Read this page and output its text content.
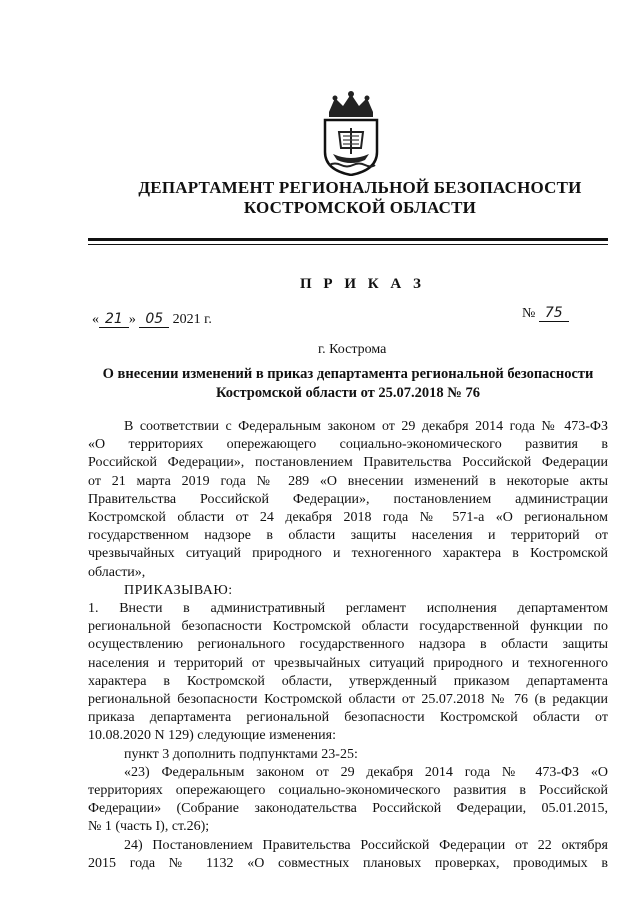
ДЕПАРТАМЕНТ РЕГИОНАЛЬНОЙ БЕЗОПАСНОСТИ
КОСТРОМСКОЙ ОБЛАСТИ
П Р И К А З
« 21 » 05 2021 г.	№ 75
г. Кострома
О внесении изменений в приказ департамента региональной безопасности
Костромской области от 25.07.2018 № 76

В соответствии с Федеральным законом от 29 декабря 2014 года № 473-ФЗ

«О территориях опережающего социально-экономического развития в

Российской Федерации», постановлением Правительства Российской Федерации

от 21 марта 2019 года № 289 «О внесении изменений в некоторые акты

Правительства Российской Федерации», постановлением администрации

Костромской области от 24 декабря 2018 года № 571-а «О региональном

государственном надзоре в области защиты населения и территорий от

чрезвычайных ситуаций природного и техногенного характера в Костромской

области»,

ПРИКАЗЫВАЮ:

1. Внести в административный регламент исполнения департаментом

региональной безопасности Костромской области государственной функции по

осуществлению регионального государственного надзора в области защиты

населения и территорий от чрезвычайных ситуаций природного и техногенного

характера в Костромской области, утвержденный приказом департамента

региональной безопасности Костромской области от 25.07.2018 № 76 (в редакции

приказа департамента региональной безопасности Костромской области от

10.08.2020 N 129) следующие изменения:

пункт 3 дополнить подпунктами 23-25:

«23) Федеральным законом от 29 декабря 2014 года № 473-ФЗ «О

территориях опережающего социально-экономического развития в Российской

Федерации» (Собрание законодательства Российской Федерации, 05.01.2015,

№ 1 (часть I), ст.26);

24) Постановлением Правительства Российской Федерации от 22 октября

2015 года № 1132 «О совместных плановых проверках, проводимых в
